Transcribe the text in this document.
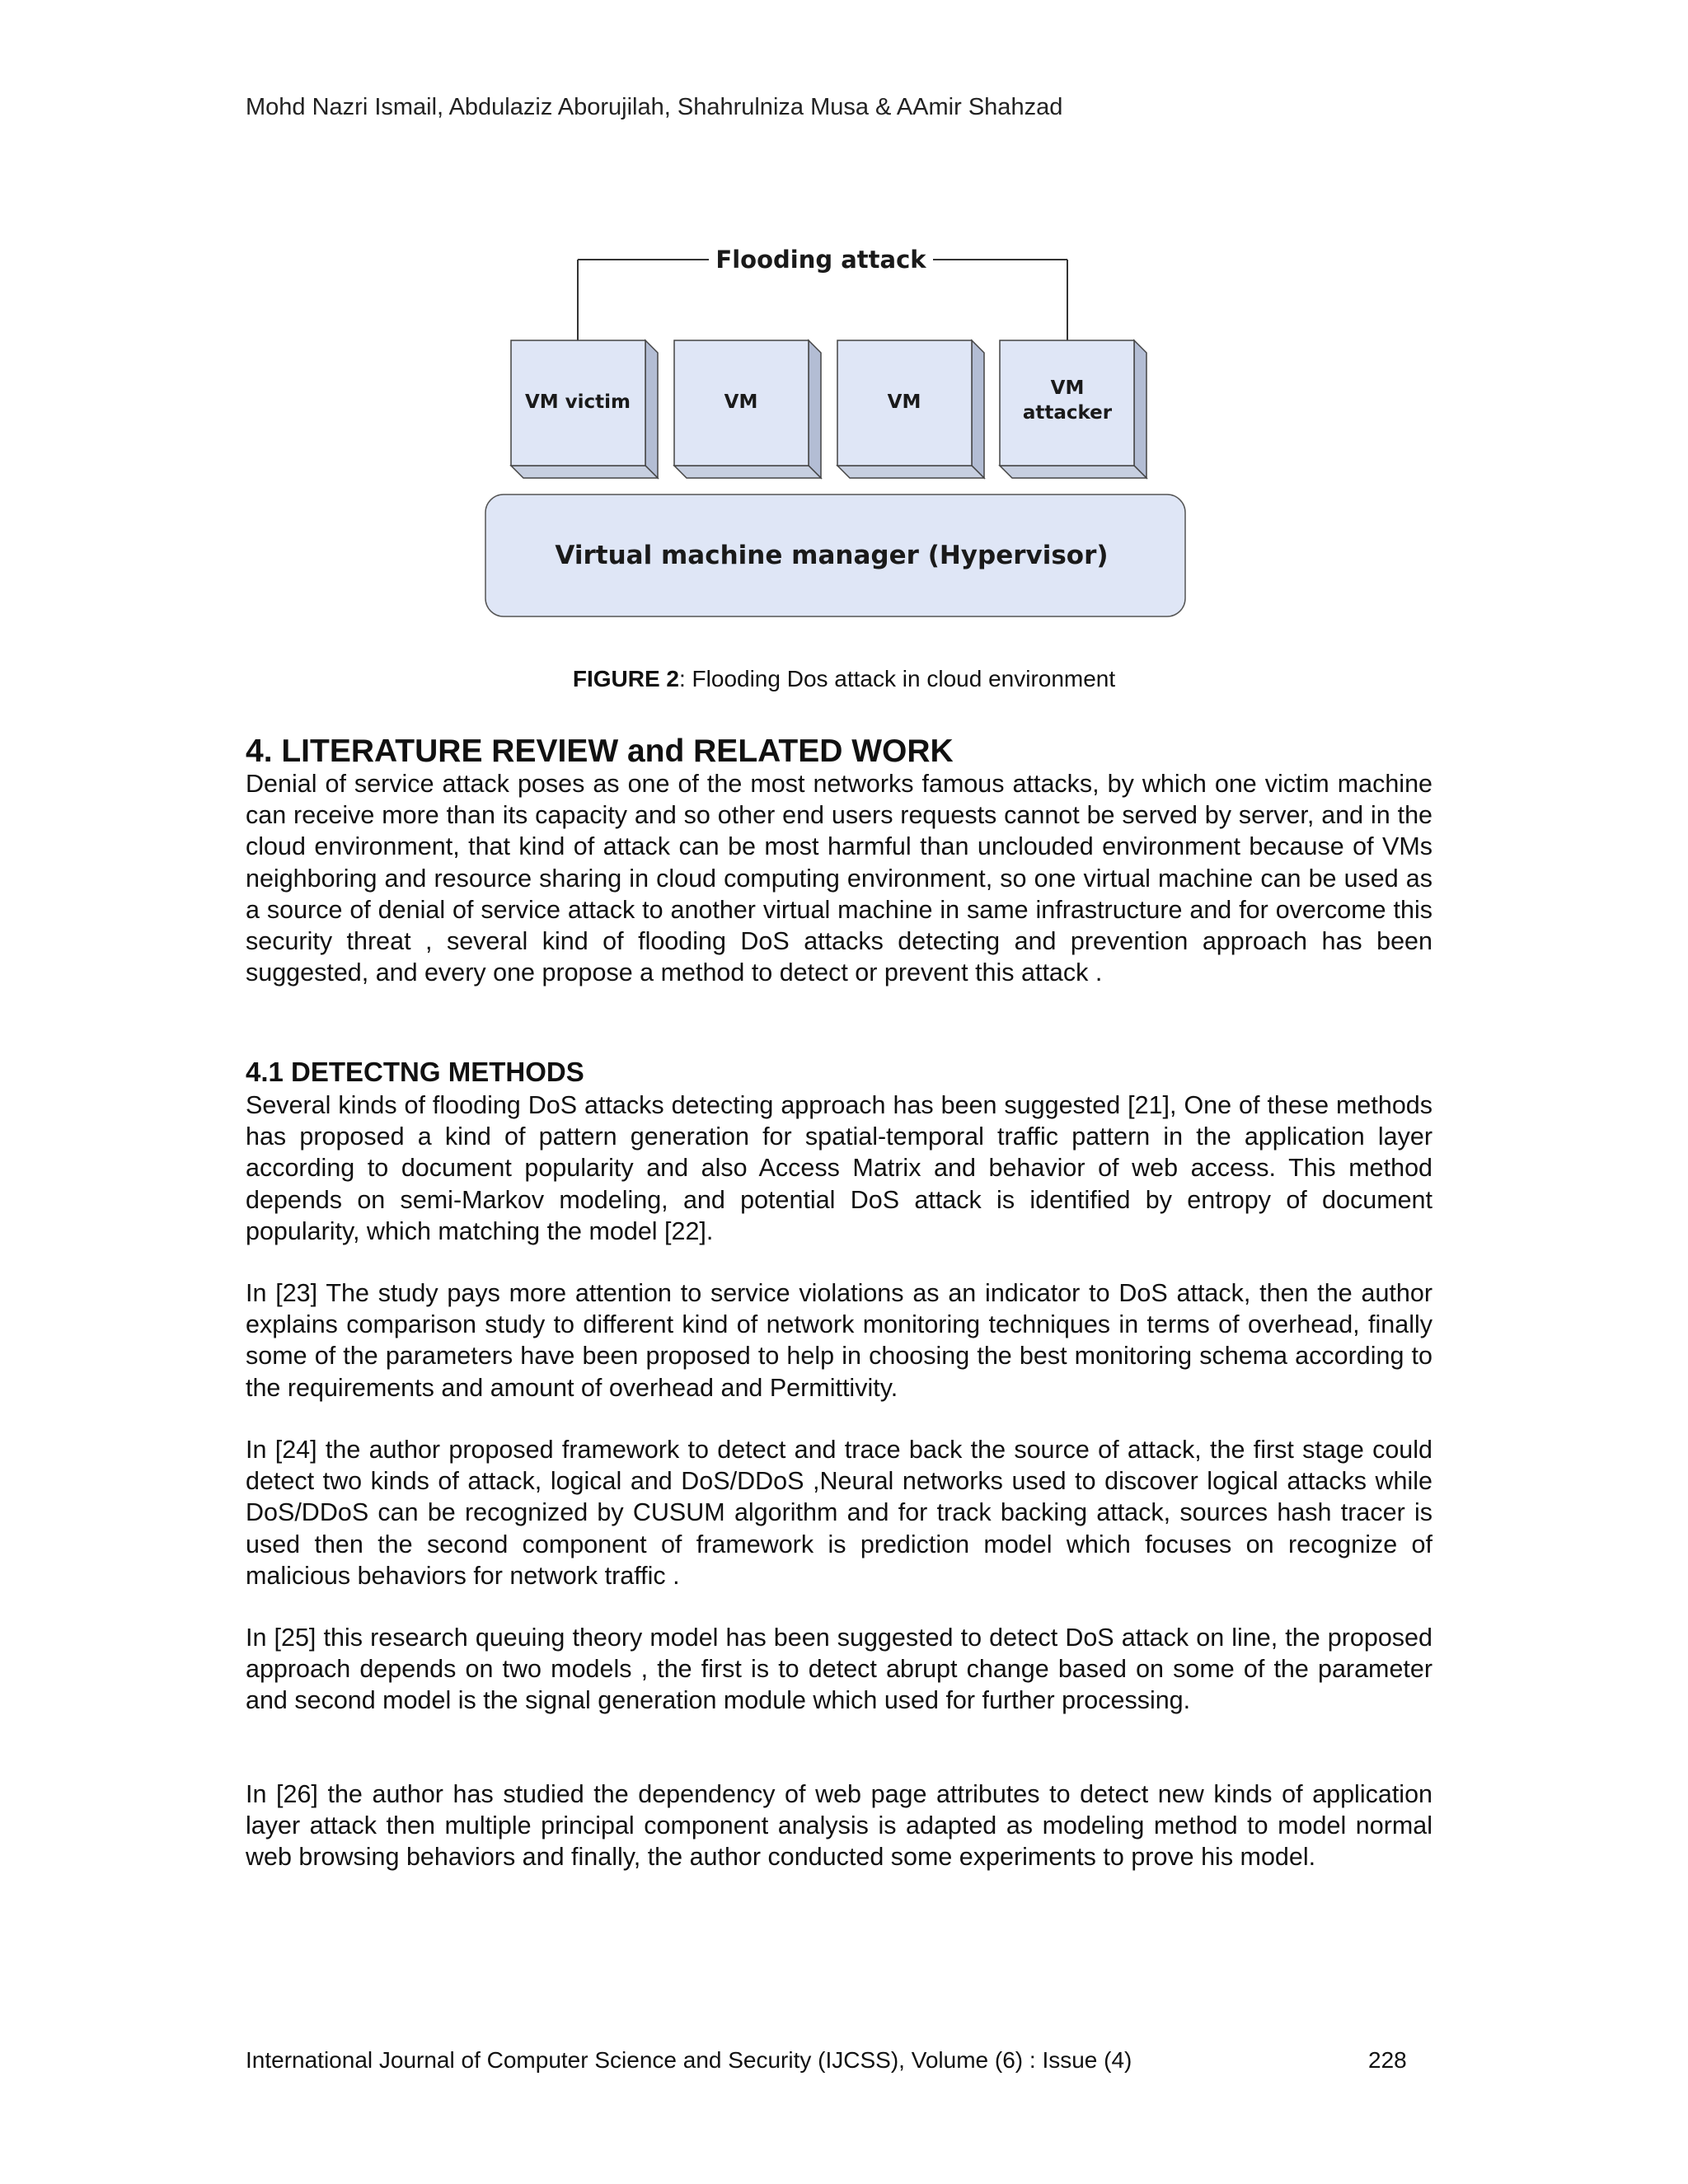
Mohd Nazri Ismail, Abdulaziz Aborujilah, Shahrulniza Musa & AAmir Shahzad
Flooding attack
VM victim	VM	VM
VM
attacker
Virtual machine manager (Hypervisor)
FIGURE 2: Flooding Dos attack in cloud environment
4. LITERATURE REVIEW and RELATED WORK

Denial of service attack poses as one of the most networks famous attacks, by which one victim machine can receive more than its capacity and so other end users requests cannot be served by server, and in the cloud environment, that kind of attack can be most harmful than unclouded environment because of VMs neighboring and resource sharing in cloud computing environment, so one virtual machine can be used as a source of denial of service attack to another virtual machine in same infrastructure and for overcome this security threat , several kind of flooding DoS attacks detecting and prevention approach has been suggested, and every one propose a method to detect or prevent this attack .

4.1 DETECTNG METHODS

Several kinds of flooding DoS attacks detecting approach has been suggested [21], One of these methods has proposed a kind of pattern generation for spatial-temporal traffic pattern in the application layer according to document popularity and also Access Matrix and behavior of web access. This method depends on semi-Markov modeling, and potential DoS attack is identified by entropy of document popularity, which matching the model [22].

In [23] The study pays more attention to service violations as an indicator to DoS attack, then the author explains comparison study to different kind of network monitoring techniques in terms of overhead, finally some of the parameters have been proposed to help in choosing the best monitoring schema according to the requirements and amount of overhead and Permittivity.

In [24] the author proposed framework to detect and trace back the source of attack, the first stage could detect two kinds of attack, logical and DoS/DDoS ,Neural networks used to discover logical attacks while DoS/DDoS can be recognized by CUSUM algorithm and for track backing attack, sources hash tracer is used then the second component of framework is prediction model which focuses on recognize of malicious behaviors for network traffic .

In [25] this research queuing theory model has been suggested to detect DoS attack on line, the proposed approach depends on two models , the first is to detect abrupt change based on some of the parameter and second model is the signal generation module which used for further processing.

In [26] the author has studied the dependency of web page attributes to detect new kinds of application layer attack then multiple principal component analysis is adapted as modeling method to model normal web browsing behaviors and finally, the author conducted some experiments to prove his model.

International Journal of Computer Science and Security (IJCSS), Volume (6) : Issue (4)	228
